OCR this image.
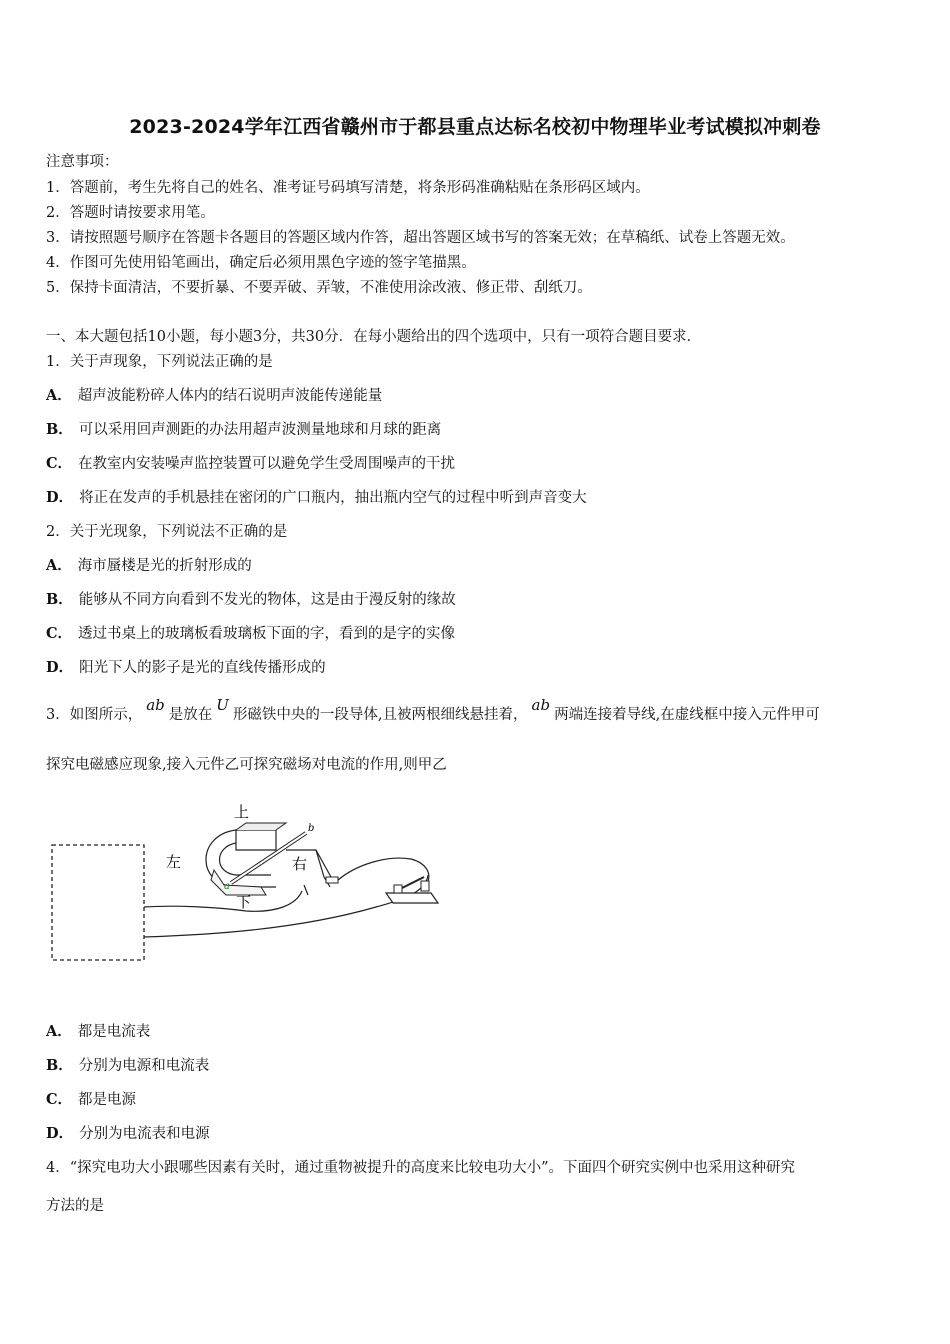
2023-2024学年江西省赣州市于都县重点达标名校初中物理毕业考试模拟冲刺卷
注意事项：
1．答题前，考生先将自己的姓名、准考证号码填写清楚，将条形码准确粘贴在条形码区域内。
2．答题时请按要求用笔。
3．请按照题号顺序在答题卡各题目的答题区域内作答，超出答题区域书写的答案无效；在草稿纸、试卷上答题无效。
4．作图可先使用铅笔画出，确定后必须用黑色字迹的签字笔描黑。
5．保持卡面清洁，不要折暴、不要弄破、弄皱，不准使用涂改液、修正带、刮纸刀。
一、本大题包括10小题，每小题3分，共30分．在每小题给出的四个选项中，只有一项符合题目要求．
1．关于声现象，下列说法正确的是
A． 超声波能粉碎人体内的结石说明声波能传递能量
B． 可以采用回声测距的办法用超声波测量地球和月球的距离
C． 在教室内安装噪声监控装置可以避免学生受周围噪声的干扰
D． 将正在发声的手机悬挂在密闭的广口瓶内，抽出瓶内空气的过程中听到声音变大
2．关于光现象，下列说法不正确的是
A． 海市蜃楼是光的折射形成的
B． 能够从不同方向看到不发光的物体，这是由于漫反射的缘故
C． 透过书桌上的玻璃板看玻璃板下面的字，看到的是字的实像
D． 阳光下人的影子是光的直线传播形成的
3．如图所示，ab是放在U形磁铁中央的一段导体,且被两根细线悬挂着，ab两端连接着导线,在虚线框中接入元件甲可
探究电磁感应现象,接入元件乙可探究磁场对电流的作用,则甲乙
上
下
左	右
a
b
A． 都是电流表
B． 分别为电源和电流表
C． 都是电源
D． 分别为电流表和电源
4．“探究电功大小跟哪些因素有关时，通过重物被提升的高度来比较电功大小”。下面四个研究实例中也采用这种研究
方法的是
